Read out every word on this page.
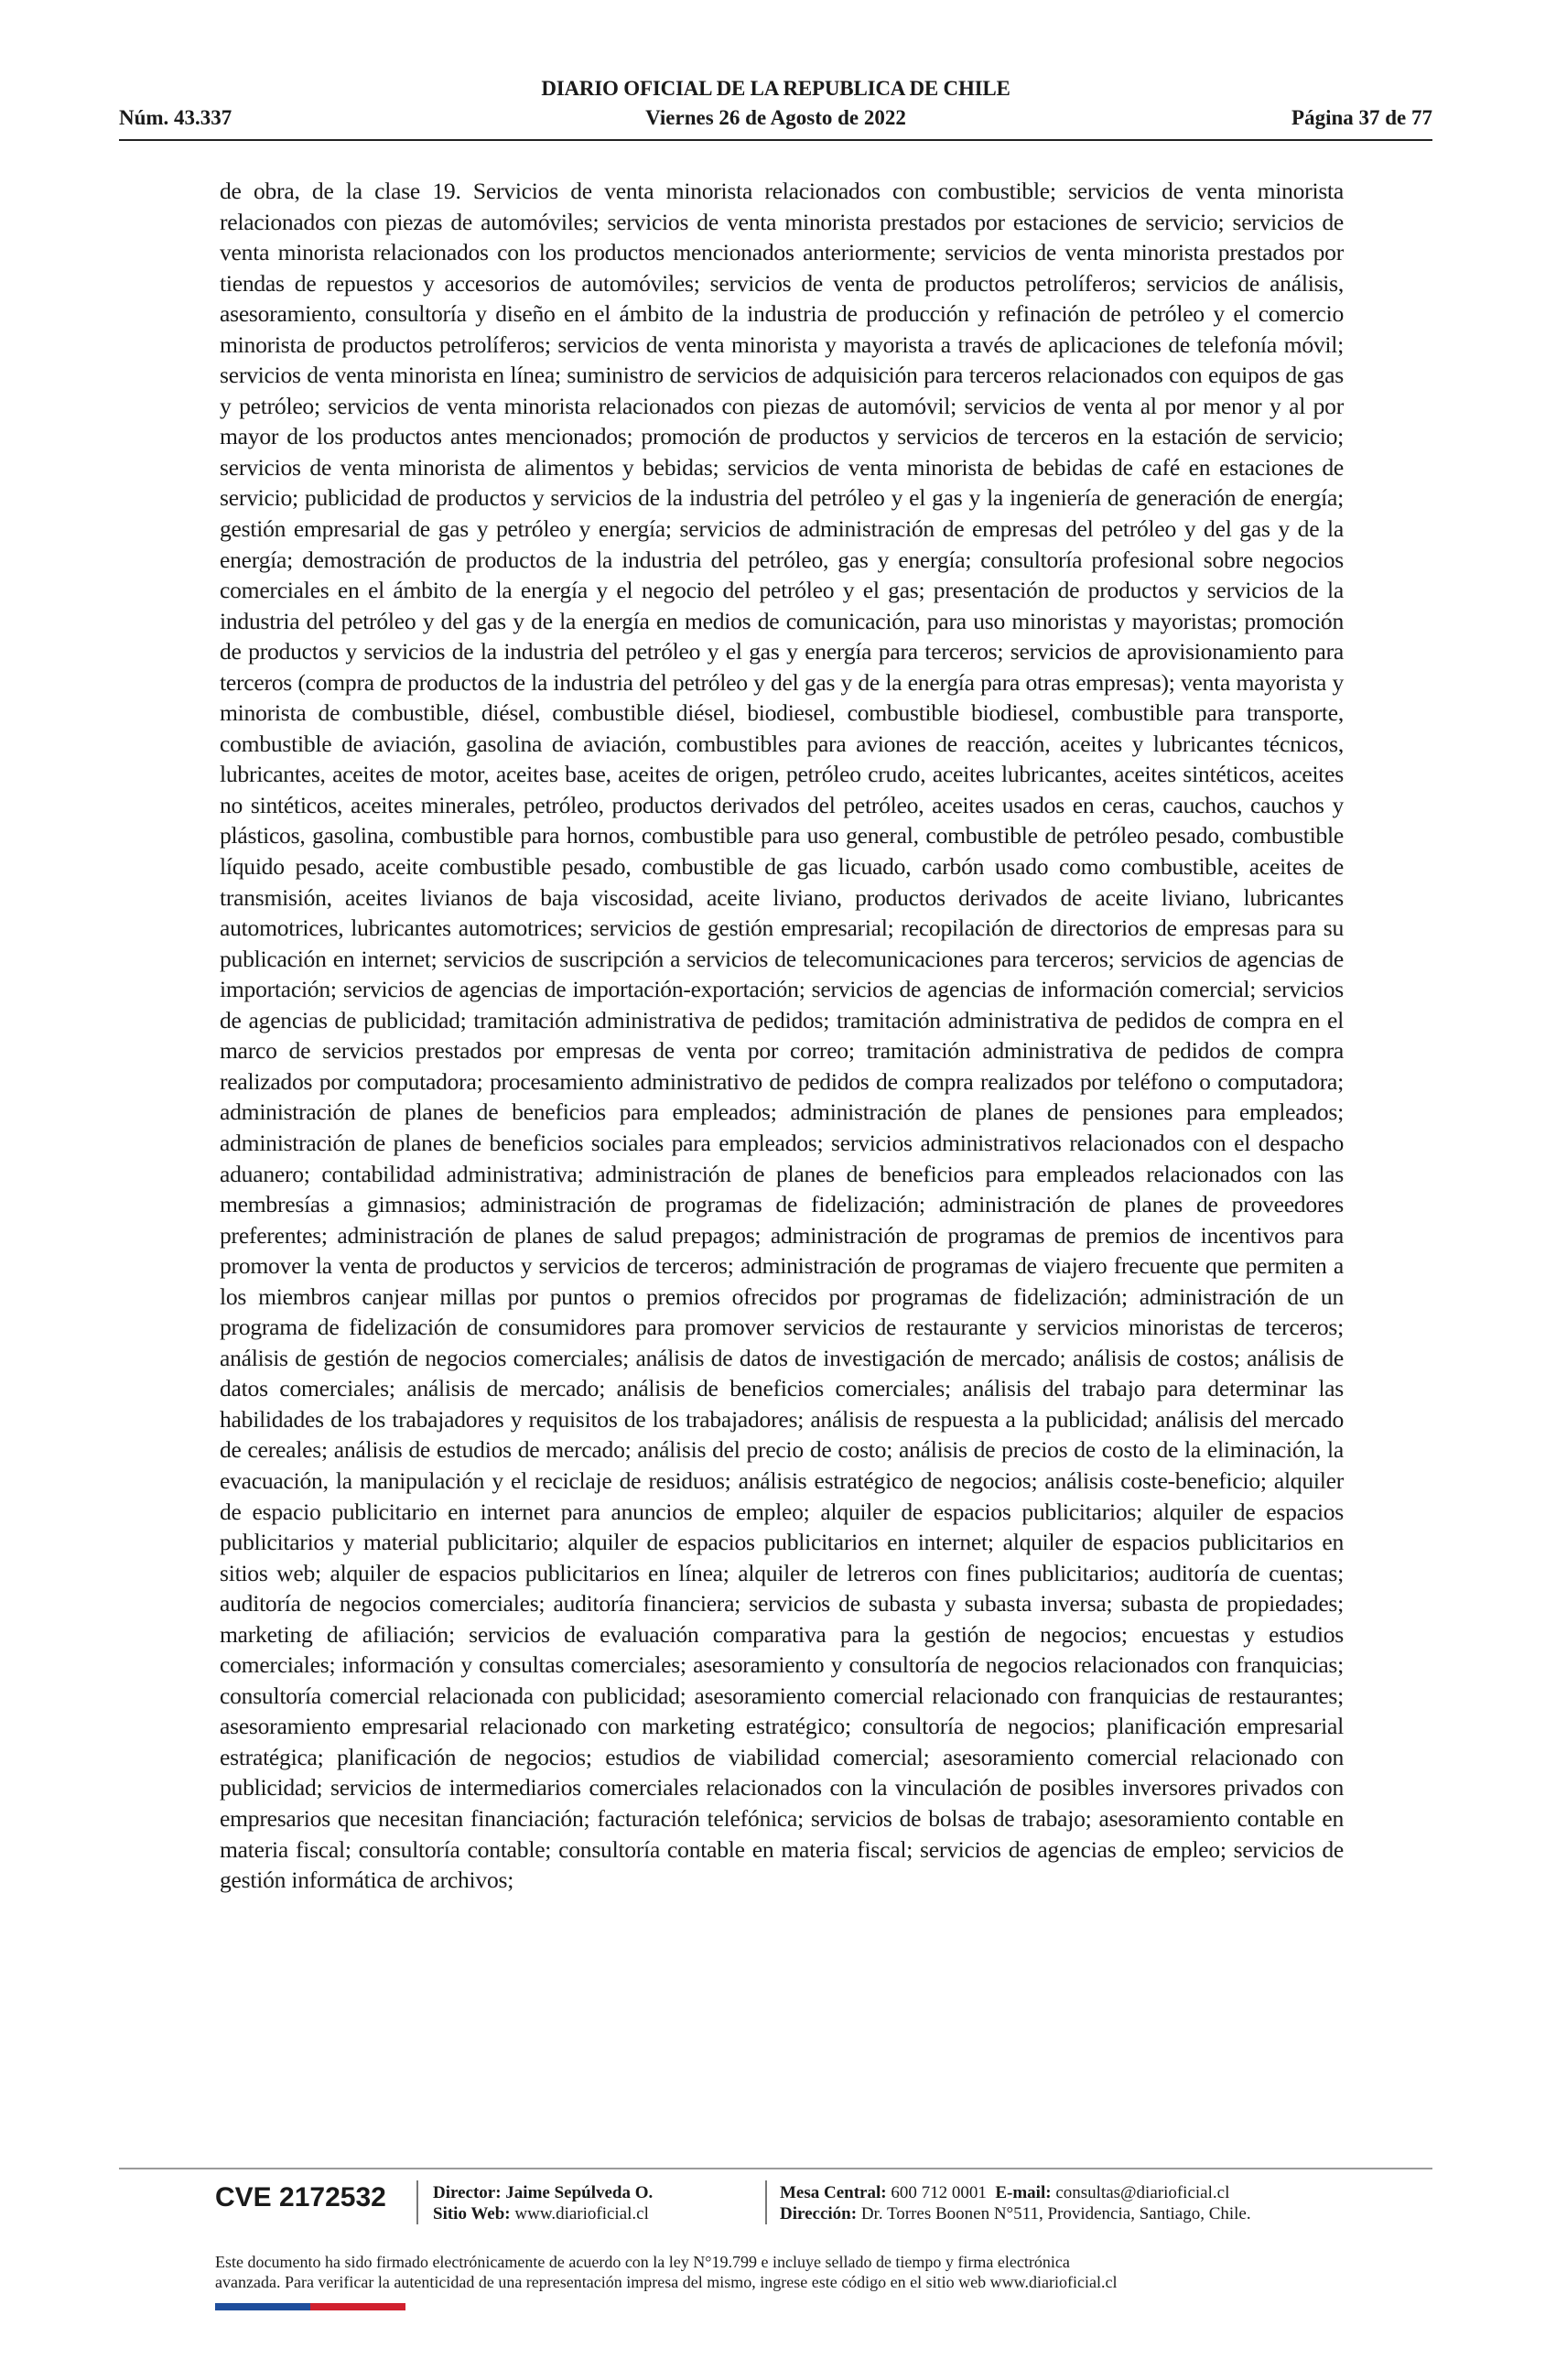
DIARIO OFICIAL DE LA REPUBLICA DE CHILE
Núm. 43.337	Viernes 26 de Agosto de 2022	Página 37 de 77

de obra, de la clase 19. Servicios de venta minorista relacionados con combustible; servicios de venta minorista relacionados con piezas de automóviles; servicios de venta minorista prestados por estaciones de servicio; servicios de venta minorista relacionados con los productos mencionados anteriormente; servicios de venta minorista prestados por tiendas de repuestos y accesorios de automóviles; servicios de venta de productos petrolíferos; servicios de análisis, asesoramiento, consultoría y diseño en el ámbito de la industria de producción y refinación de petróleo y el comercio minorista de productos petrolíferos; servicios de venta minorista y mayorista a través de aplicaciones de telefonía móvil; servicios de venta minorista en línea; suministro de servicios de adquisición para terceros relacionados con equipos de gas y petróleo; servicios de venta minorista relacionados con piezas de automóvil; servicios de venta al por menor y al por mayor de los productos antes mencionados; promoción de productos y servicios de terceros en la estación de servicio; servicios de venta minorista de alimentos y bebidas; servicios de venta minorista de bebidas de café en estaciones de servicio; publicidad de productos y servicios de la industria del petróleo y el gas y la ingeniería de generación de energía; gestión empresarial de gas y petróleo y energía; servicios de administración de empresas del petróleo y del gas y de la energía; demostración de productos de la industria del petróleo, gas y energía; consultoría profesional sobre negocios comerciales en el ámbito de la energía y el negocio del petróleo y el gas; presentación de productos y servicios de la industria del petróleo y del gas y de la energía en medios de comunicación, para uso minoristas y mayoristas; promoción de productos y servicios de la industria del petróleo y el gas y energía para terceros; servicios de aprovisionamiento para terceros (compra de productos de la industria del petróleo y del gas y de la energía para otras empresas); venta mayorista y minorista de combustible, diésel, combustible diésel, biodiesel, combustible biodiesel, combustible para transporte, combustible de aviación, gasolina de aviación, combustibles para aviones de reacción, aceites y lubricantes técnicos, lubricantes, aceites de motor, aceites base, aceites de origen, petróleo crudo, aceites lubricantes, aceites sintéticos, aceites no sintéticos, aceites minerales, petróleo, productos derivados del petróleo, aceites usados en ceras, cauchos, cauchos y plásticos, gasolina, combustible para hornos, combustible para uso general, combustible de petróleo pesado, combustible líquido pesado, aceite combustible pesado, combustible de gas licuado, carbón usado como combustible, aceites de transmisión, aceites livianos de baja viscosidad, aceite liviano, productos derivados de aceite liviano, lubricantes automotrices, lubricantes automotrices; servicios de gestión empresarial; recopilación de directorios de empresas para su publicación en internet; servicios de suscripción a servicios de telecomunicaciones para terceros; servicios de agencias de importación; servicios de agencias de importación-exportación; servicios de agencias de información comercial; servicios de agencias de publicidad; tramitación administrativa de pedidos; tramitación administrativa de pedidos de compra en el marco de servicios prestados por empresas de venta por correo; tramitación administrativa de pedidos de compra realizados por computadora; procesamiento administrativo de pedidos de compra realizados por teléfono o computadora; administración de planes de beneficios para empleados; administración de planes de pensiones para empleados; administración de planes de beneficios sociales para empleados; servicios administrativos relacionados con el despacho aduanero; contabilidad administrativa; administración de planes de beneficios para empleados relacionados con las membresías a gimnasios; administración de programas de fidelización; administración de planes de proveedores preferentes; administración de planes de salud prepagos; administración de programas de premios de incentivos para promover la venta de productos y servicios de terceros; administración de programas de viajero frecuente que permiten a los miembros canjear millas por puntos o premios ofrecidos por programas de fidelización; administración de un programa de fidelización de consumidores para promover servicios de restaurante y servicios minoristas de terceros; análisis de gestión de negocios comerciales; análisis de datos de investigación de mercado; análisis de costos; análisis de datos comerciales; análisis de mercado; análisis de beneficios comerciales; análisis del trabajo para determinar las habilidades de los trabajadores y requisitos de los trabajadores; análisis de respuesta a la publicidad; análisis del mercado de cereales; análisis de estudios de mercado; análisis del precio de costo; análisis de precios de costo de la eliminación, la evacuación, la manipulación y el reciclaje de residuos; análisis estratégico de negocios; análisis coste-beneficio; alquiler de espacio publicitario en internet para anuncios de empleo; alquiler de espacios publicitarios; alquiler de espacios publicitarios y material publicitario; alquiler de espacios publicitarios en internet; alquiler de espacios publicitarios en sitios web; alquiler de espacios publicitarios en línea; alquiler de letreros con fines publicitarios; auditoría de cuentas; auditoría de negocios comerciales; auditoría financiera; servicios de subasta y subasta inversa; subasta de propiedades; marketing de afiliación; servicios de evaluación comparativa para la gestión de negocios; encuestas y estudios comerciales; información y consultas comerciales; asesoramiento y consultoría de negocios relacionados con franquicias; consultoría comercial relacionada con publicidad; asesoramiento comercial relacionado con franquicias de restaurantes; asesoramiento empresarial relacionado con marketing estratégico; consultoría de negocios; planificación empresarial estratégica; planificación de negocios; estudios de viabilidad comercial; asesoramiento comercial relacionado con publicidad; servicios de intermediarios comerciales relacionados con la vinculación de posibles inversores privados con empresarios que necesitan financiación; facturación telefónica; servicios de bolsas de trabajo; asesoramiento contable en materia fiscal; consultoría contable; consultoría contable en materia fiscal; servicios de agencias de empleo; servicios de gestión informática de archivos;

CVE 2172532	Director: Jaime Sepúlveda O.
Sitio Web: www.diarioficial.cl
Mesa Central: 600 712 0001 E-mail: consultas@diarioficial.cl
Dirección: Dr. Torres Boonen N°511, Providencia, Santiago, Chile.
Este documento ha sido firmado electrónicamente de acuerdo con la ley N°19.799 e incluye sellado de tiempo y firma electrónica
avanzada. Para verificar la autenticidad de una representación impresa del mismo, ingrese este código en el sitio web www.diarioficial.cl
